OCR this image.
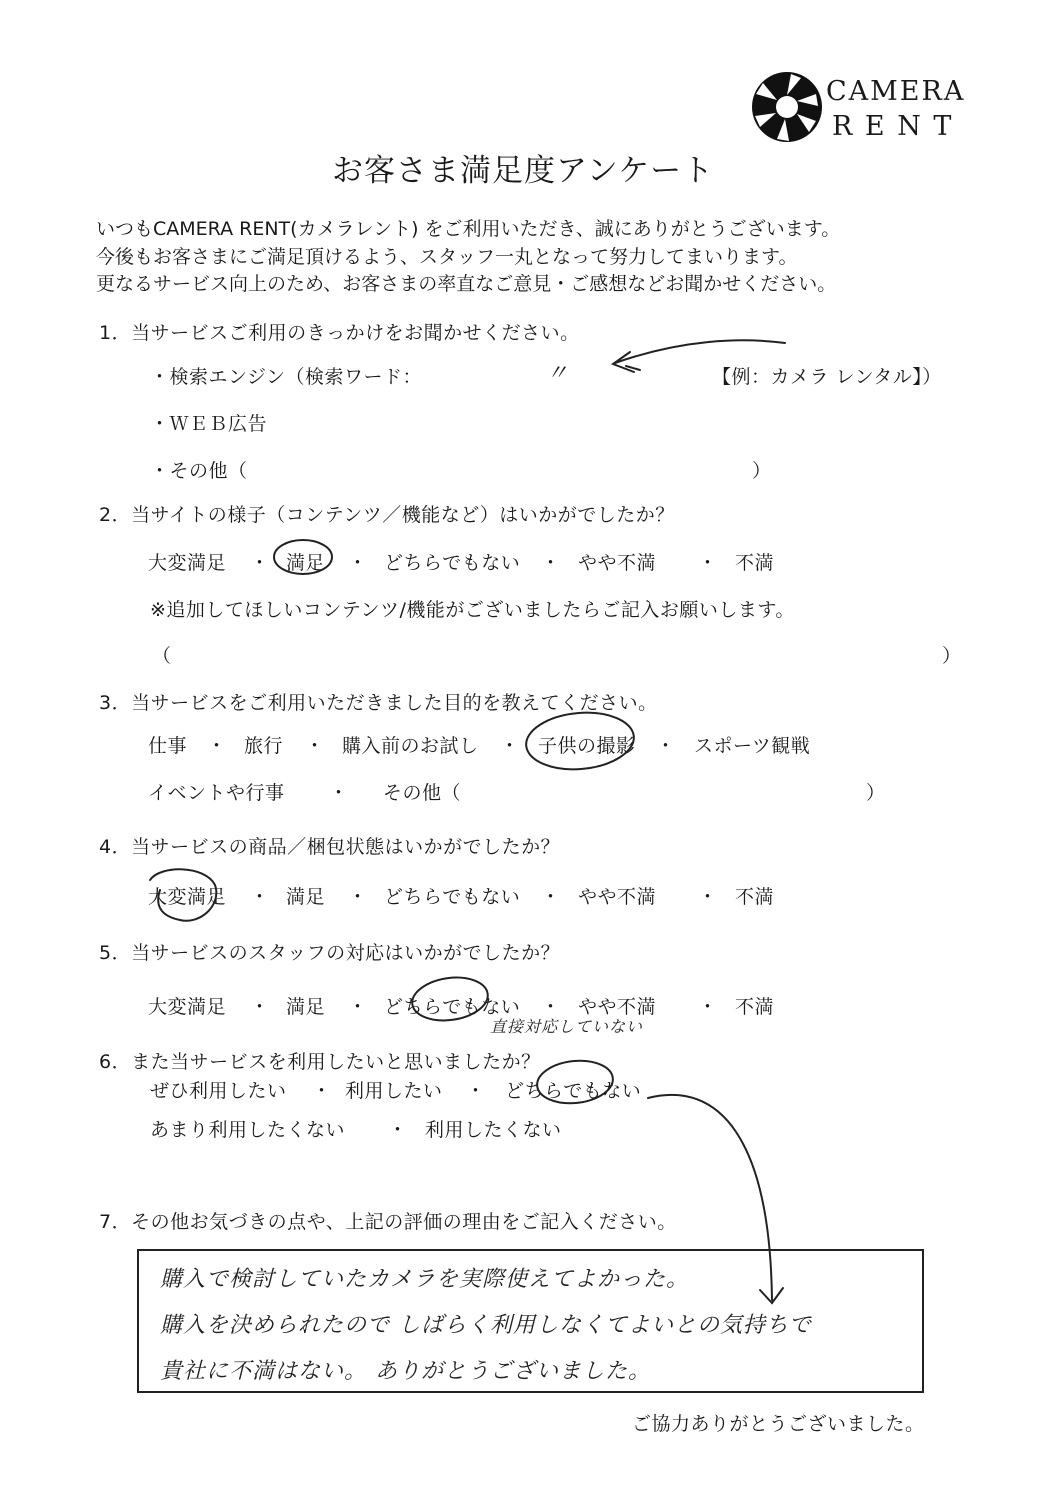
CAMERA
R E N T
お客さま満足度アンケート
いつもCAMERA RENT(カメラレント) をご利用いただき、誠にありがとうございます。
今後もお客さまにご満足頂けるよう、スタッフ一丸となって努力してまいります。
更なるサービス向上のため、お客さまの率直なご意見・ご感想などお聞かせください。
1．当サービスご利用のきっかけをお聞かせください。
・検索エンジン（検索ワード：	〃	【例：カメラ レンタル】）
・ＷＥＢ広告
・その他（	）
2．当サイトの様子（コンテンツ／機能など）はいかがでしたか？
大変満足 ・ 満足 ・ どちらでもない ・ やや不満 ・ 不満
※追加してほしいコンテンツ/機能がございましたらご記入お願いします。
（	）
3．当サービスをご利用いただきました目的を教えてください。
仕事 ・ 旅行 ・ 購入前のお試し ・ 子供の撮影 ・ スポーツ観戦
イベントや行事 ・ その他（	）
4．当サービスの商品／梱包状態はいかがでしたか？
大変満足 ・ 満足 ・ どちらでもない ・ やや不満 ・ 不満
5．当サービスのスタッフの対応はいかがでしたか？
大変満足 ・ 満足 ・ どちらでもない ・ やや不満 ・ 不満
直接対応していない
6．また当サービスを利用したいと思いましたか？
ぜひ利用したい ・ 利用したい ・ どちらでもない
あまり利用したくない ・ 利用したくない
7．その他お気づきの点や、上記の評価の理由をご記入ください。
購入で検討していたカメラを実際使えてよかった。
購入を決められたので しばらく利用しなくてよいとの気持ちで
貴社に不満はない。 ありがとうございました。
ご協力ありがとうございました。
